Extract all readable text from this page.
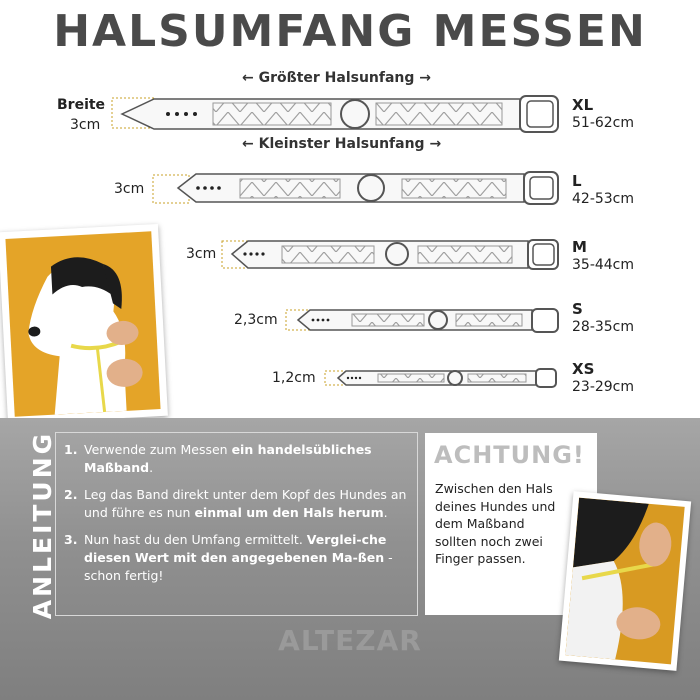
HALSUMFANG MESSEN
← Größter Halsunfang →
← Kleinster Halsunfang →
Breite
3cm
XL
51-62cm
L
42-53cm
M
35-44cm
S
28-35cm
XS
23-29cm
3cm
3cm
2,3cm
1,2cm
ANLEITUNG 1. Verwende zum Messen ein handelsübliches Maßband.
2. Leg das Band direkt unter dem Kopf des Hundes an und führe es nun einmal um den Hals herum.
3. Nun hast du den Umfang ermittelt. Verglei-che diesen Wert mit den angegebenen Ma-ßen - schon fertig!
ACHTUNG!
Zwischen den Hals deines Hundes und dem Maßband sollten noch zwei Finger passen.
ALTEZAR
